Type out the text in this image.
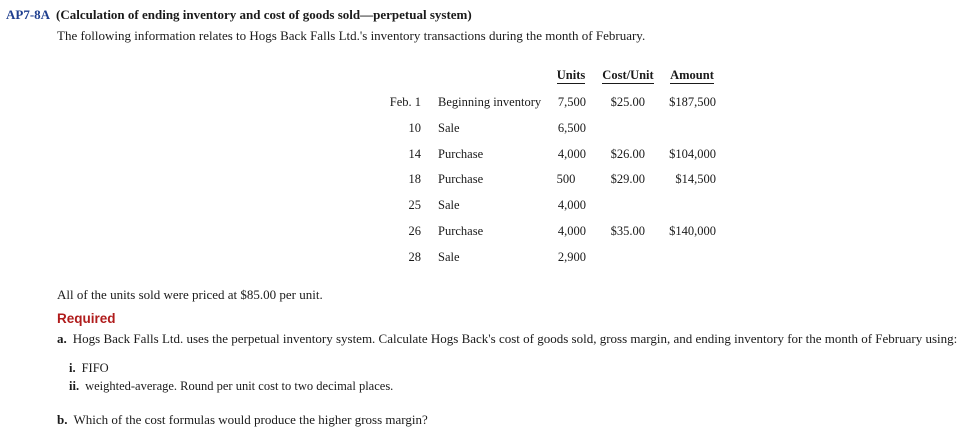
AP7-8A (Calculation of ending inventory and cost of goods sold—perpetual system)
The following information relates to Hogs Back Falls Ltd.'s inventory transactions during the month of February.
Units	Cost/Unit	Amount
Feb. 1 Beginning inventory	7,500	$25.00	$187,500
10 Sale	6,500
14 Purchase	4,000	$26.00	$104,000
18 Purchase	500	$29.00	$14,500
25 Sale	4,000
26 Purchase	4,000	$35.00	$140,000
28 Sale	2,900
All of the units sold were priced at $85.00 per unit.
Required
a. Hogs Back Falls Ltd. uses the perpetual inventory system. Calculate Hogs Back's cost of goods sold, gross margin, and ending inventory for the month of February using:
i. FIFO
ii. weighted-average. Round per unit cost to two decimal places.
b. Which of the cost formulas would produce the higher gross margin?
